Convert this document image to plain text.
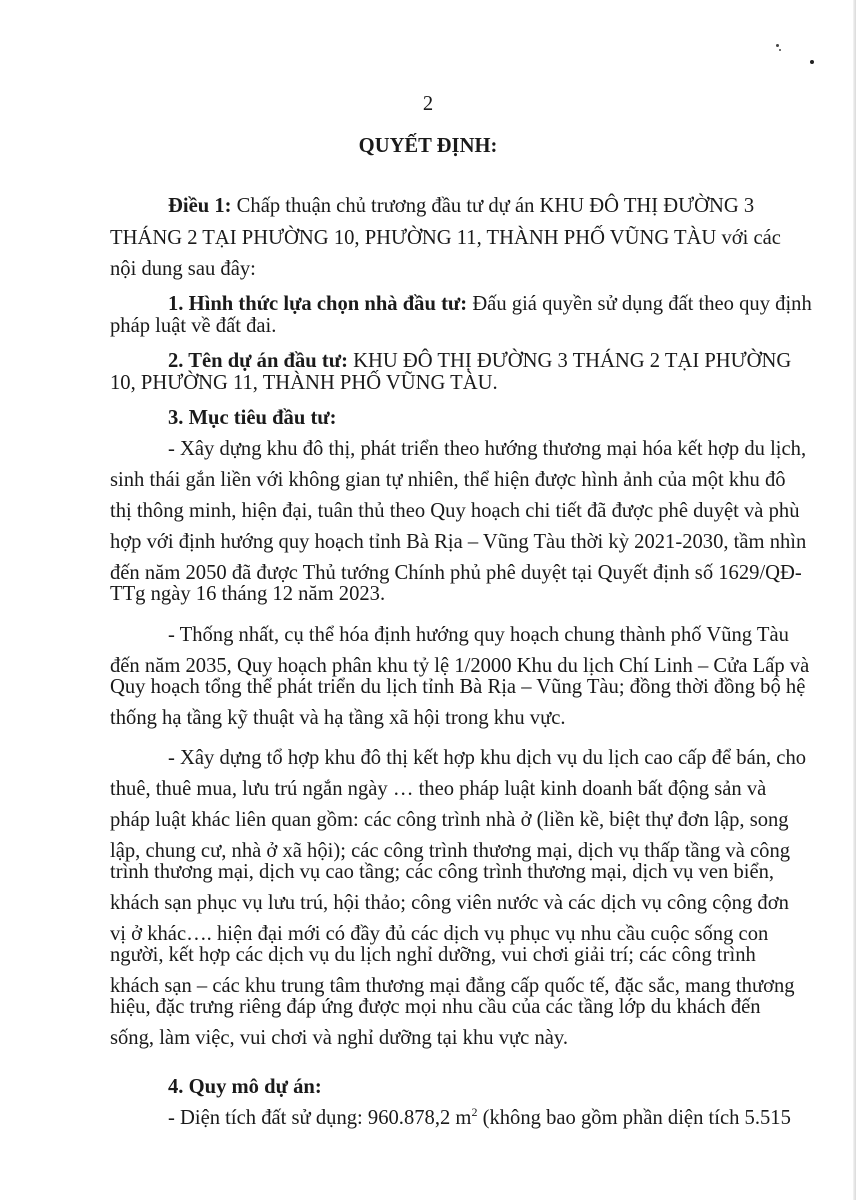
2
QUYẾT ĐỊNH:
Điều 1: Chấp thuận chủ trương đầu tư dự án KHU ĐÔ THỊ ĐƯỜNG 3
THÁNG 2 TẠI PHƯỜNG 10, PHƯỜNG 11, THÀNH PHỐ VŨNG TÀU với các
nội dung sau đây:
1. Hình thức lựa chọn nhà đầu tư: Đấu giá quyền sử dụng đất theo quy định
pháp luật về đất đai.
2. Tên dự án đầu tư: KHU ĐÔ THỊ ĐƯỜNG 3 THÁNG 2 TẠI PHƯỜNG
10, PHƯỜNG 11, THÀNH PHỐ VŨNG TÀU.
3. Mục tiêu đầu tư:
- Xây dựng khu đô thị, phát triển theo hướng thương mại hóa kết hợp du lịch,
sinh thái gắn liền với không gian tự nhiên, thể hiện được hình ảnh của một khu đô
thị thông minh, hiện đại, tuân thủ theo Quy hoạch chi tiết đã được phê duyệt và phù
hợp với định hướng quy hoạch tỉnh Bà Rịa – Vũng Tàu thời kỳ 2021-2030, tầm nhìn
đến năm 2050 đã được Thủ tướng Chính phủ phê duyệt tại Quyết định số 1629/QĐ-
TTg ngày 16 tháng 12 năm 2023.
- Thống nhất, cụ thể hóa định hướng quy hoạch chung thành phố Vũng Tàu
đến năm 2035, Quy hoạch phân khu tỷ lệ 1/2000 Khu du lịch Chí Linh – Cửa Lấp và
Quy hoạch tổng thể phát triển du lịch tỉnh Bà Rịa – Vũng Tàu; đồng thời đồng bộ hệ
thống hạ tầng kỹ thuật và hạ tầng xã hội trong khu vực.
- Xây dựng tổ hợp khu đô thị kết hợp khu dịch vụ du lịch cao cấp để bán, cho
thuê, thuê mua, lưu trú ngắn ngày … theo pháp luật kinh doanh bất động sản và
pháp luật khác liên quan gồm: các công trình nhà ở (liền kề, biệt thự đơn lập, song
lập, chung cư, nhà ở xã hội); các công trình thương mại, dịch vụ thấp tầng và công
trình thương mại, dịch vụ cao tầng; các công trình thương mại, dịch vụ ven biển,
khách sạn phục vụ lưu trú, hội thảo; công viên nước và các dịch vụ công cộng đơn
vị ở khác…. hiện đại mới có đầy đủ các dịch vụ phục vụ nhu cầu cuộc sống con
người, kết hợp các dịch vụ du lịch nghỉ dưỡng, vui chơi giải trí; các công trình
khách sạn – các khu trung tâm thương mại đẳng cấp quốc tế, đặc sắc, mang thương
hiệu, đặc trưng riêng đáp ứng được mọi nhu cầu của các tầng lớp du khách đến
sống, làm việc, vui chơi và nghỉ dưỡng tại khu vực này.
4. Quy mô dự án:
- Diện tích đất sử dụng: 960.878,2 $m^2$ (không bao gồm phần diện tích 5.515
